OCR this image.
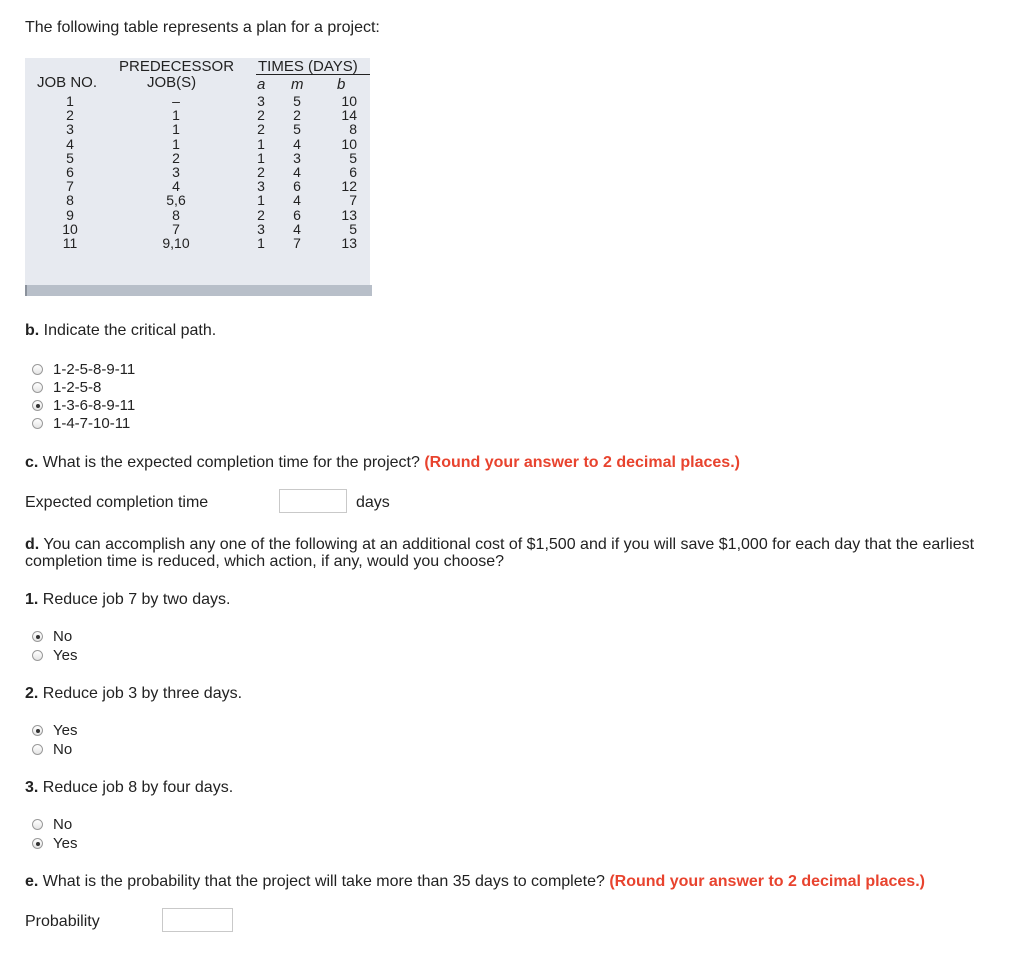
The following table represents a plan for a project:
JOB NO.
PREDECESSOR
JOB(S)
TIMES (DAYS)
a m b
1
2
3
4
5
6
7
8
9
10
11
–
1
1
1
2
3
4
5,6
8
7
9,10
3
2
2
1
1
2
3
1
2
3
1
5
2
5
4
3
4
6
4
6
4
7
10
14
8
10
5
6
12
7
13
5
13
b. Indicate the critical path.
1-2-5-8-9-11
1-2-5-8
1-3-6-8-9-11
1-4-7-10-11
c. What is the expected completion time for the project? (Round your answer to 2 decimal places.)
Expected completion time	days
d. You can accomplish any one of the following at an additional cost of $1,500 and if you will save $1,000 for each day that the earliest completion time is reduced, which action, if any, would you choose?
1. Reduce job 7 by two days.
No
Yes
2. Reduce job 3 by three days.
Yes
No
3. Reduce job 8 by four days.
No
Yes
e. What is the probability that the project will take more than 35 days to complete? (Round your answer to 2 decimal places.)
Probability
